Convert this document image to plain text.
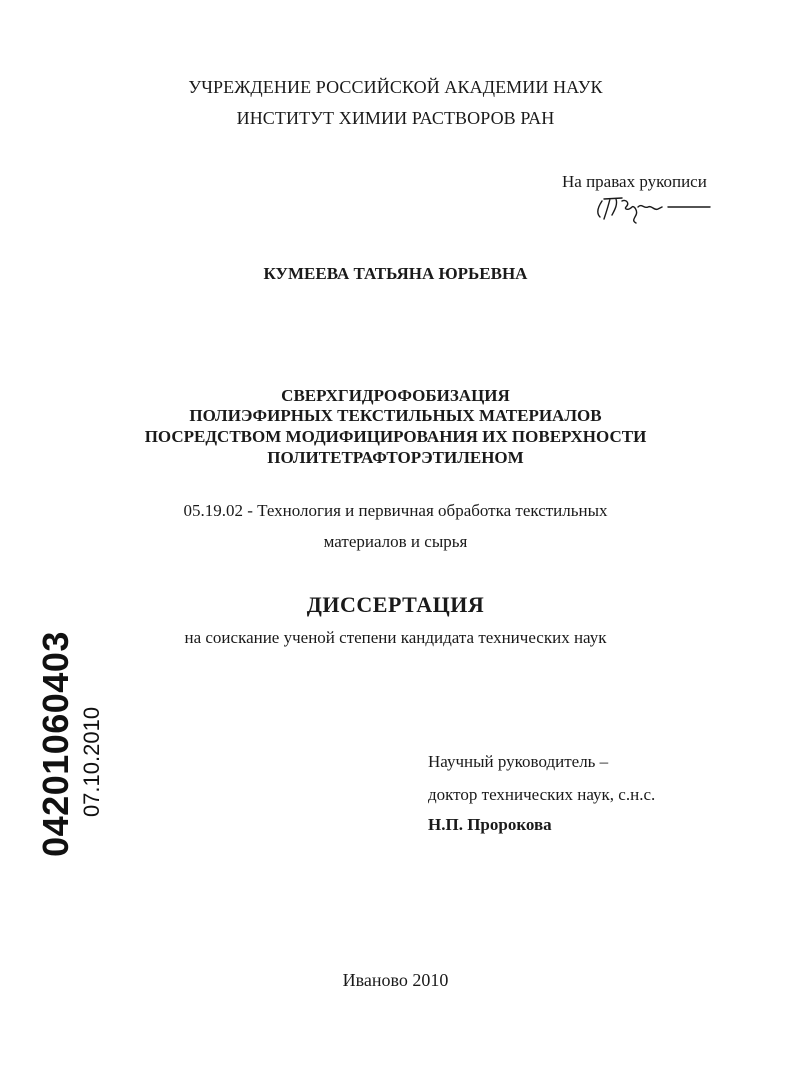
УЧРЕЖДЕНИЕ РОССИЙСКОЙ АКАДЕМИИ НАУК
ИНСТИТУТ ХИМИИ РАСТВОРОВ РАН
На правах рукописи
КУМЕЕВА ТАТЬЯНА ЮРЬЕВНА
СВЕРХГИДРОФОБИЗАЦИЯ
ПОЛИЭФИРНЫХ ТЕКСТИЛЬНЫХ МАТЕРИАЛОВ
ПОСРЕДСТВОМ МОДИФИЦИРОВАНИЯ ИХ ПОВЕРХНОСТИ
ПОЛИТЕТРАФТОРЭТИЛЕНОМ
05.19.02 - Технология и первичная обработка текстильных
материалов и сырья
ДИССЕРТАЦИЯ
на соискание ученой степени кандидата технических наук
Научный руководитель –
доктор технических наук, с.н.с.
Н.П. Пророкова
Иваново 2010
04201060403 07.10.2010
